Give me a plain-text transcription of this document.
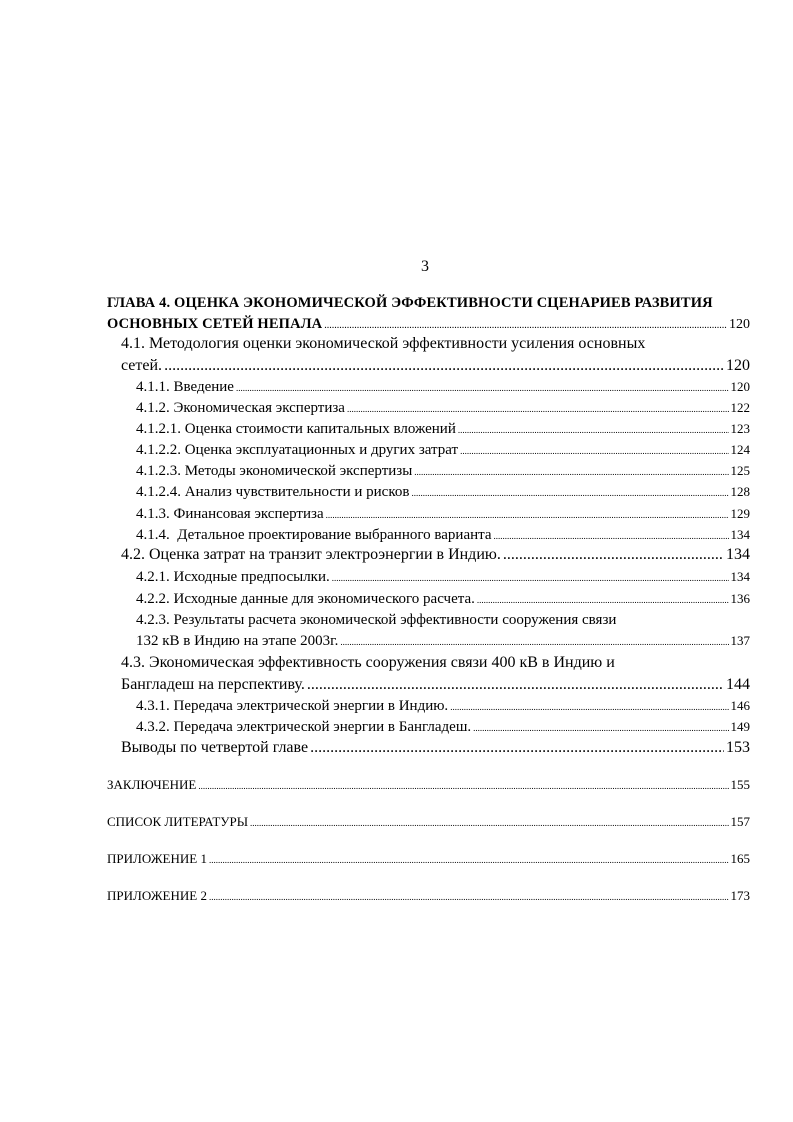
3
ГЛАВА 4. ОЦЕНКА ЭКОНОМИЧЕСКОЙ ЭФФЕКТИВНОСТИ СЦЕНАРИЕВ РАЗВИТИЯ
ОСНОВНЫХ СЕТЕЙ НЕПАЛА .....	120
4.1. Методология оценки экономической эффективности усиления основных
сетей. .....	120
4.1.1. Введение .....	120
4.1.2. Экономическая экспертиза .....	122
4.1.2.1. Оценка стоимости капитальных вложений .....	123
4.1.2.2. Оценка эксплуатационных и других затрат .....	124
4.1.2.3. Методы экономической экспертизы .....	125
4.1.2.4. Анализ чувствительности и рисков .....	128
4.1.3. Финансовая экспертиза .....	129
4.1.4.  Детальное проектирование выбранного варианта .....	134
4.2. Оценка затрат на транзит электроэнергии в Индию. .....	134
4.2.1. Исходные предпосылки. .....	134
4.2.2. Исходные данные для экономического расчета. .....	136
4.2.3. Результаты расчета экономической эффективности сооружения связи
132 кВ в Индию на этапе 2003г. .....	137
4.3. Экономическая эффективность сооружения связи 400 кВ в Индию и
Бангладеш на перспективу. .....	144
4.3.1. Передача электрической энергии в Индию. .....	146
4.3.2. Передача электрической энергии в Бангладеш. .....	149
Выводы по четвертой главе .....	153
ЗАКЛЮЧЕНИЕ .....	155
СПИСОК ЛИТЕРАТУРЫ .....	157
ПРИЛОЖЕНИЕ 1 .....	165
ПРИЛОЖЕНИЕ 2 .....	173
